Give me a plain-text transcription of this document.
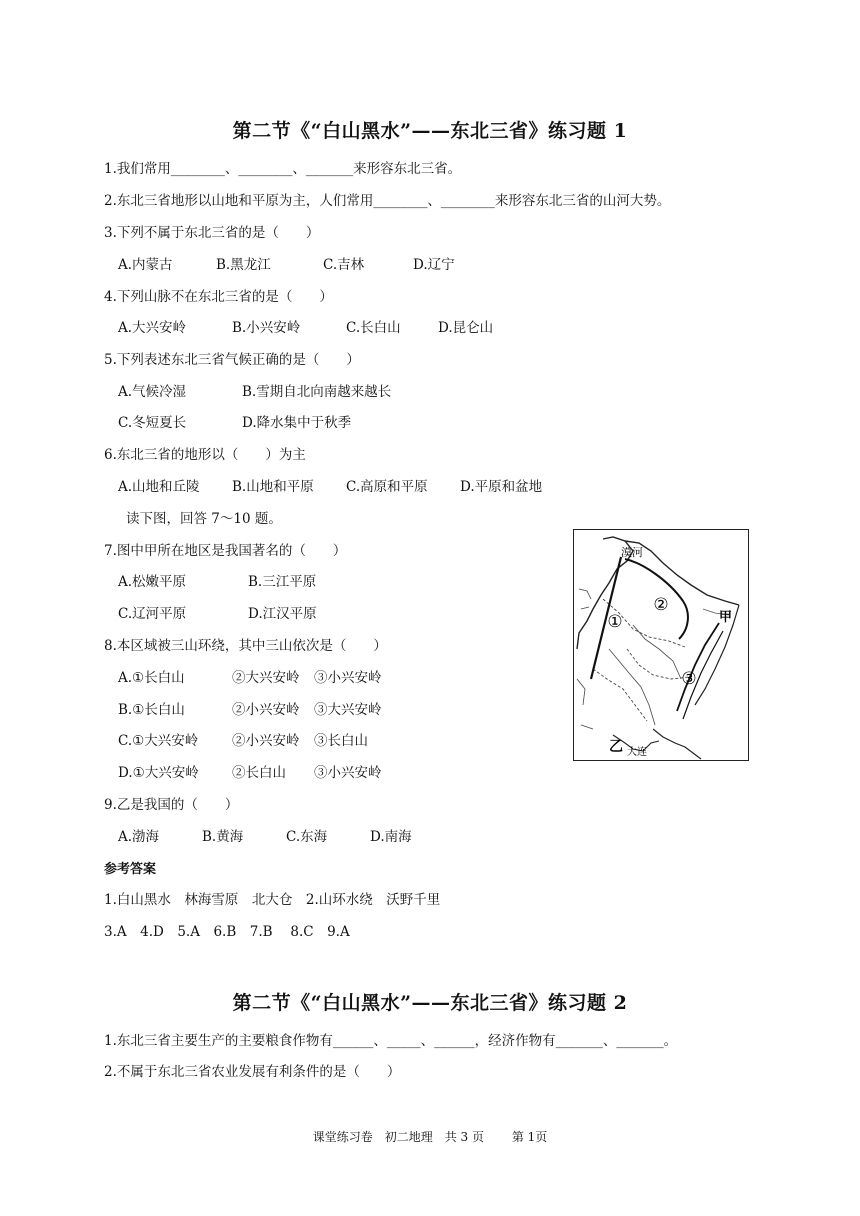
第二节《“白山黑水”——东北三省》练习题 1
1.我们常用________、________、_______来形容东北三省。
2.东北三省地形以山地和平原为主，人们常用________、________来形容东北三省的山河大势。
3.下列不属于东北三省的是（　　）
A.内蒙古	B.黑龙江	C.吉林	D.辽宁
4.下列山脉不在东北三省的是（　　）
A.大兴安岭	B.小兴安岭	C.长白山	D.昆仑山
5.下列表述东北三省气候正确的是（　　）
A.气候冷湿	B.雪期自北向南越来越长
C.冬短夏长	D.降水集中于秋季
6.东北三省的地形以（　　）为主
A.山地和丘陵 B.山地和平原 C.高原和平原 D.平原和盆地
读下图，回答 7～10 题。
7.图中甲所在地区是我国著名的（　　）
A.松嫩平原	B.三江平原
C.辽河平原	D.江汉平原
8.本区域被三山环绕，其中三山依次是（　　）
A.①长白山	②大兴安岭 ③小兴安岭
B.①长白山	②小兴安岭 ③大兴安岭
C.①大兴安岭	②小兴安岭 ③长白山
D.①大兴安岭 ②长白山 ③小兴安岭
9.乙是我国的（　　）
A.渤海	B.黄海	C.东海	D.南海
参考答案
1.白山黑水　林海雪原　北大仓　2.山环水绕　沃野千里
3.A　4.D　5.A　6.B　7.B　 8.C　9.A
①
②
③
漠河
甲
乙 大连
第二节《“白山黑水”——东北三省》练习题 2
1.东北三省主要生产的主要粮食作物有______、_____、______，经济作物有_______、_______。
2.不属于东北三省农业发展有利条件的是（　　）
课堂练习卷　初二地理　共 3 页　　 第 1页
